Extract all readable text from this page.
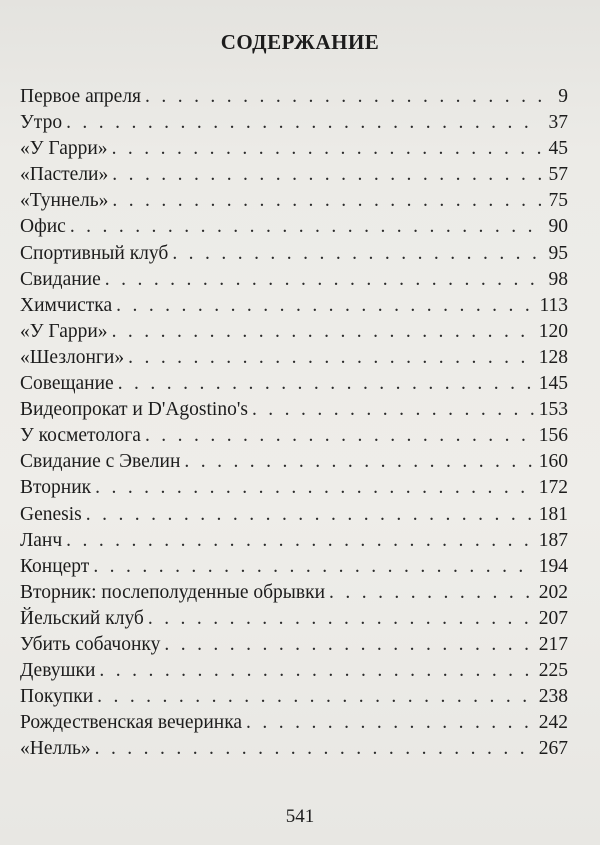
СОДЕРЖАНИЕ
Первое апреля . . .	9
Утро . . .	37
«У Гарри» . . .	45
«Пастели» . . .	57
«Туннель» . . .	75
Офис . . .	90
Спортивный клуб . . .	95
Свидание . . .	98
Химчистка . . .	113
«У Гарри» . . .	120
«Шезлонги» . . .	128
Совещание . . .	145
Видеопрокат и D'Agostino's . . .	153
У косметолога . . .	156
Свидание с Эвелин . . .	160
Вторник . . .	172
Genesis . . .	181
Ланч . . .	187
Концерт . . .	194
Вторник: послеполуденные обрывки . . .	202
Йельский клуб . . .	207
Убить собачонку . . .	217
Девушки . . .	225
Покупки . . .	238
Рождественская вечеринка . . .	242
«Нелль» . . .	267
541
